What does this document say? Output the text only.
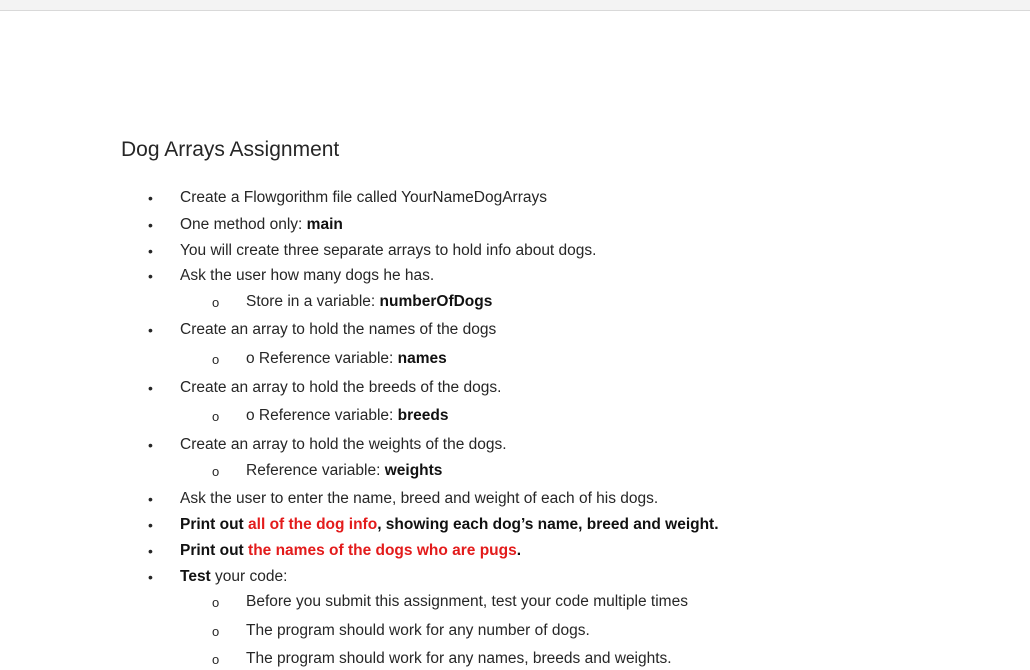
Dog Arrays Assignment
• Create a Flowgorithm file called YourNameDogArrays
• One method only: main
• You will create three separate arrays to hold info about dogs.
• Ask the user how many dogs he has.
o Store in a variable: numberOfDogs
• Create an array to hold the names of the dogs
o o Reference variable: names
• Create an array to hold the breeds of the dogs.
o o Reference variable: breeds
• Create an array to hold the weights of the dogs.
o Reference variable: weights
• Ask the user to enter the name, breed and weight of each of his dogs.
• Print out all of the dog info, showing each dog’s name, breed and weight.
• Print out the names of the dogs who are pugs.
• Test your code:
o Before you submit this assignment, test your code multiple times
o The program should work for any number of dogs.
o The program should work for any names, breeds and weights.
